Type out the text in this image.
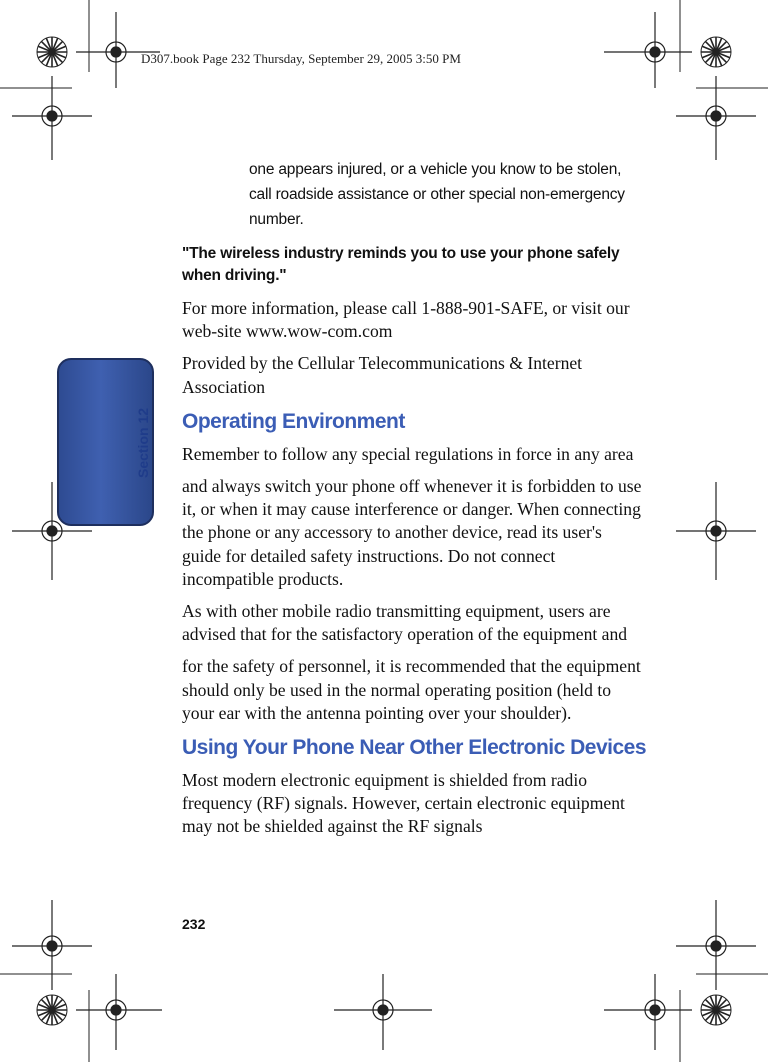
D307.book Page 232 Thursday, September 29, 2005 3:50 PM
Section 12

one appears injured, or a vehicle you know to be stolen, call roadside assistance or other special non-emergency number.

"The wireless industry reminds you to use your phone safely when driving."

For more information, please call 1-888-901-SAFE, or visit our web-site www.wow-com.com

Provided by the Cellular Telecommunications & Internet Association

Operating Environment

Remember to follow any special regulations in force in any area

and always switch your phone off whenever it is forbidden to use it, or when it may cause interference or danger. When connecting the phone or any accessory to another device, read its user's guide for detailed safety instructions. Do not connect incompatible products.

As with other mobile radio transmitting equipment, users are advised that for the satisfactory operation of the equipment and

for the safety of personnel, it is recommended that the equipment should only be used in the normal operating position (held to your ear with the antenna pointing over your shoulder).

Using Your Phone Near Other Electronic Devices

Most modern electronic equipment is shielded from radio frequency (RF) signals. However, certain electronic equipment may not be shielded against the RF signals

232
